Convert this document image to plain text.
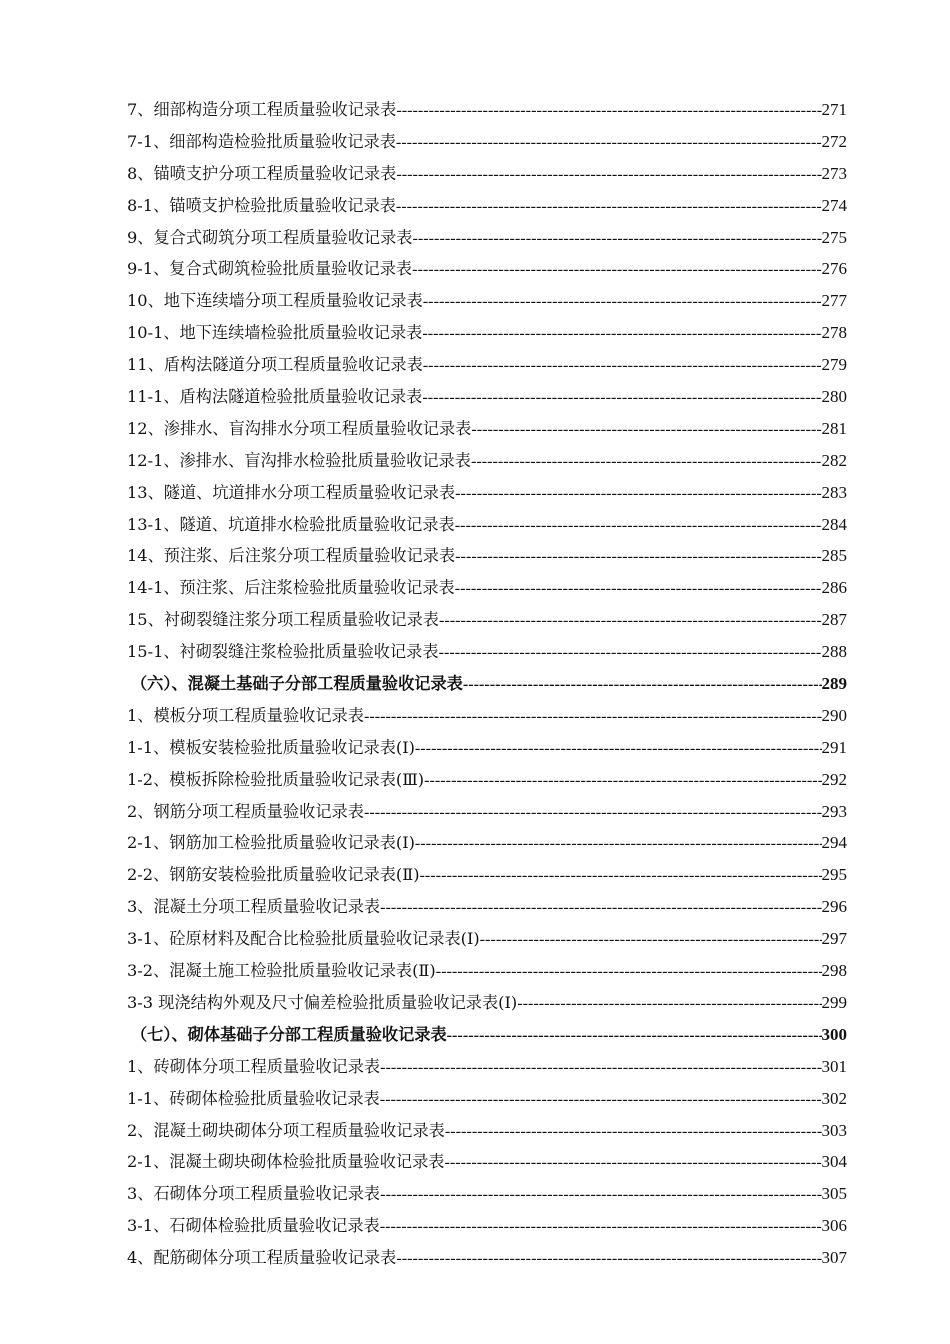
7、细部构造分项工程质量验收记录表 -----	271
7-1、细部构造检验批质量验收记录表 -----	272
8、锚喷支护分项工程质量验收记录表 -----	273
8-1、锚喷支护检验批质量验收记录表 -----	274
9、复合式砌筑分项工程质量验收记录表 -----	275
9-1、复合式砌筑检验批质量验收记录表 -----	276
10、地下连续墙分项工程质量验收记录表 -----	277
10-1、地下连续墙检验批质量验收记录表 -----	278
11、盾构法隧道分项工程质量验收记录表 -----	279
11-1、盾构法隧道检验批质量验收记录表 -----	280
12、渗排水、盲沟排水分项工程质量验收记录表 -----	281
12-1、渗排水、盲沟排水检验批质量验收记录表 -----	282
13、隧道、坑道排水分项工程质量验收记录表 -----	283
13-1、隧道、坑道排水检验批质量验收记录表 -----	284
14、预注浆、后注浆分项工程质量验收记录表 -----	285
14-1、预注浆、后注浆检验批质量验收记录表 -----	286
15、衬砌裂缝注浆分项工程质量验收记录表 -----	287
15-1、衬砌裂缝注浆检验批质量验收记录表 -----	288
（六）、混凝土基础子分部工程质量验收记录表 -----	289
1、模板分项工程质量验收记录表 -----	290
1-1、模板安装检验批质量验收记录表(Ⅰ) -----	291
1-2、模板拆除检验批质量验收记录表(Ⅲ) -----	292
2、钢筋分项工程质量验收记录表 -----	293
2-1、钢筋加工检验批质量验收记录表(Ⅰ) -----	294
2-2、钢筋安装检验批质量验收记录表(Ⅱ) -----	295
3、混凝土分项工程质量验收记录表 -----	296
3-1、砼原材料及配合比检验批质量验收记录表(Ⅰ) -----	297
3-2、混凝土施工检验批质量验收记录表(Ⅱ) -----	298
3-3 现浇结构外观及尺寸偏差检验批质量验收记录表(Ⅰ) -----	299
（七）、砌体基础子分部工程质量验收记录表 -----	300
1、砖砌体分项工程质量验收记录表 -----	301
1-1、砖砌体检验批质量验收记录表 -----	302
2、混凝土砌块砌体分项工程质量验收记录表 -----	303
2-1、混凝土砌块砌体检验批质量验收记录表 -----	304
3、石砌体分项工程质量验收记录表 -----	305
3-1、石砌体检验批质量验收记录表 -----	306
4、配筋砌体分项工程质量验收记录表 -----	307
